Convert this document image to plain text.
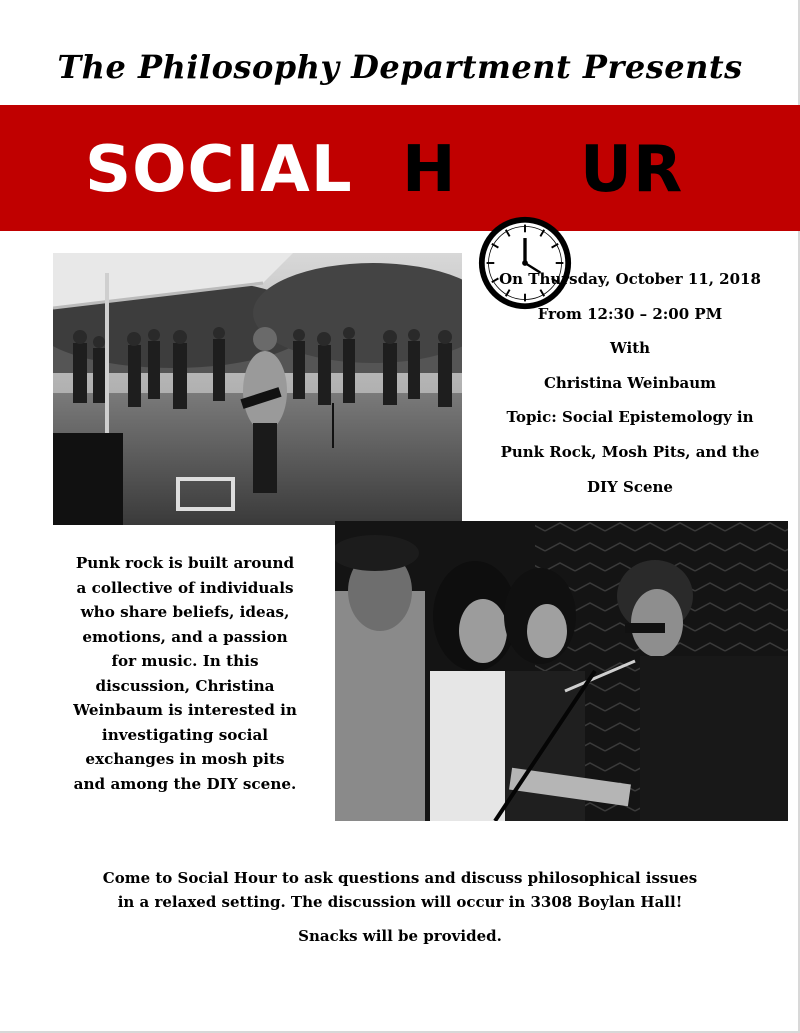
The Philosophy Department Presents
SOCIAL H UR
On Thursday, October 11, 2018
From 12:30 – 2:00 PM
With
Christina Weinbaum
Topic: Social Epistemology in
Punk Rock, Mosh Pits, and the
DIY Scene
Punk rock is built around
a collective of individuals
who share beliefs, ideas,
emotions, and a passion
for music. In this
discussion, Christina
Weinbaum is interested in
investigating social
exchanges in mosh pits
and among the DIY scene.
Come to Social Hour to ask questions and discuss philosophical issues
in a relaxed setting. The discussion will occur in 3308 Boylan Hall!
Snacks will be provided.
